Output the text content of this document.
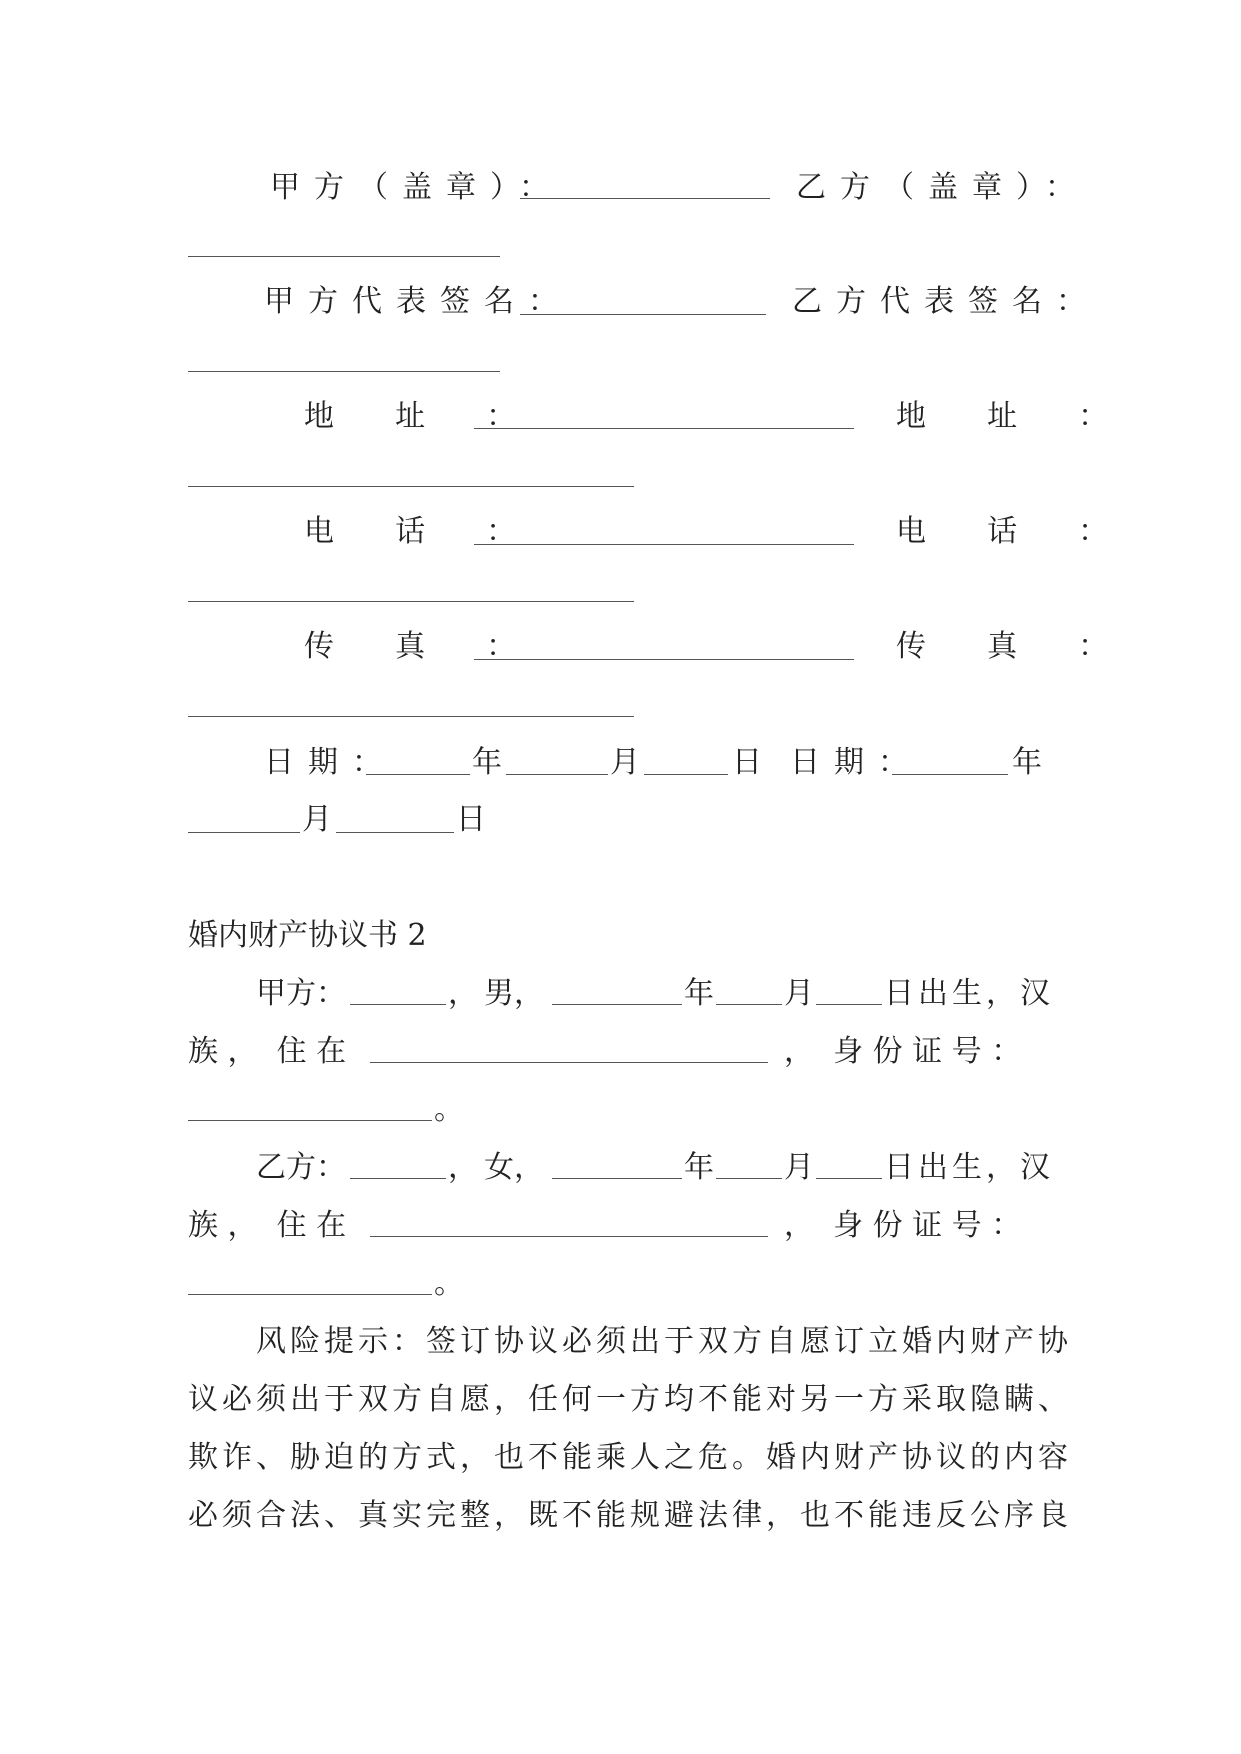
甲方（盖章）：	乙方（盖章）：
甲方代表签名：	乙方代表签名：
地  址  ：	地  址  ：
电  话  ：	电  话  ：
传  真  ：	传  真  ：
日期：	年	月	日 日期：	年
月	日
婚内财产协议书 2
甲方：	， 男，	年 月 日出生，汉
族 ，  住 在	，  身 份 证 号 ：
。
乙方：	， 女，	年 月 日出生，汉
族 ，  住 在	，  身 份 证 号 ：
。
风险提示：签订协议必须出于双方自愿订立婚内财产协
议必须出于双方自愿，任何一方均不能对另一方采取隐瞒、
欺诈、胁迫的方式，也不能乘人之危。婚内财产协议的内容
必须合法、真实完整，既不能规避法律，也不能违反公序良
